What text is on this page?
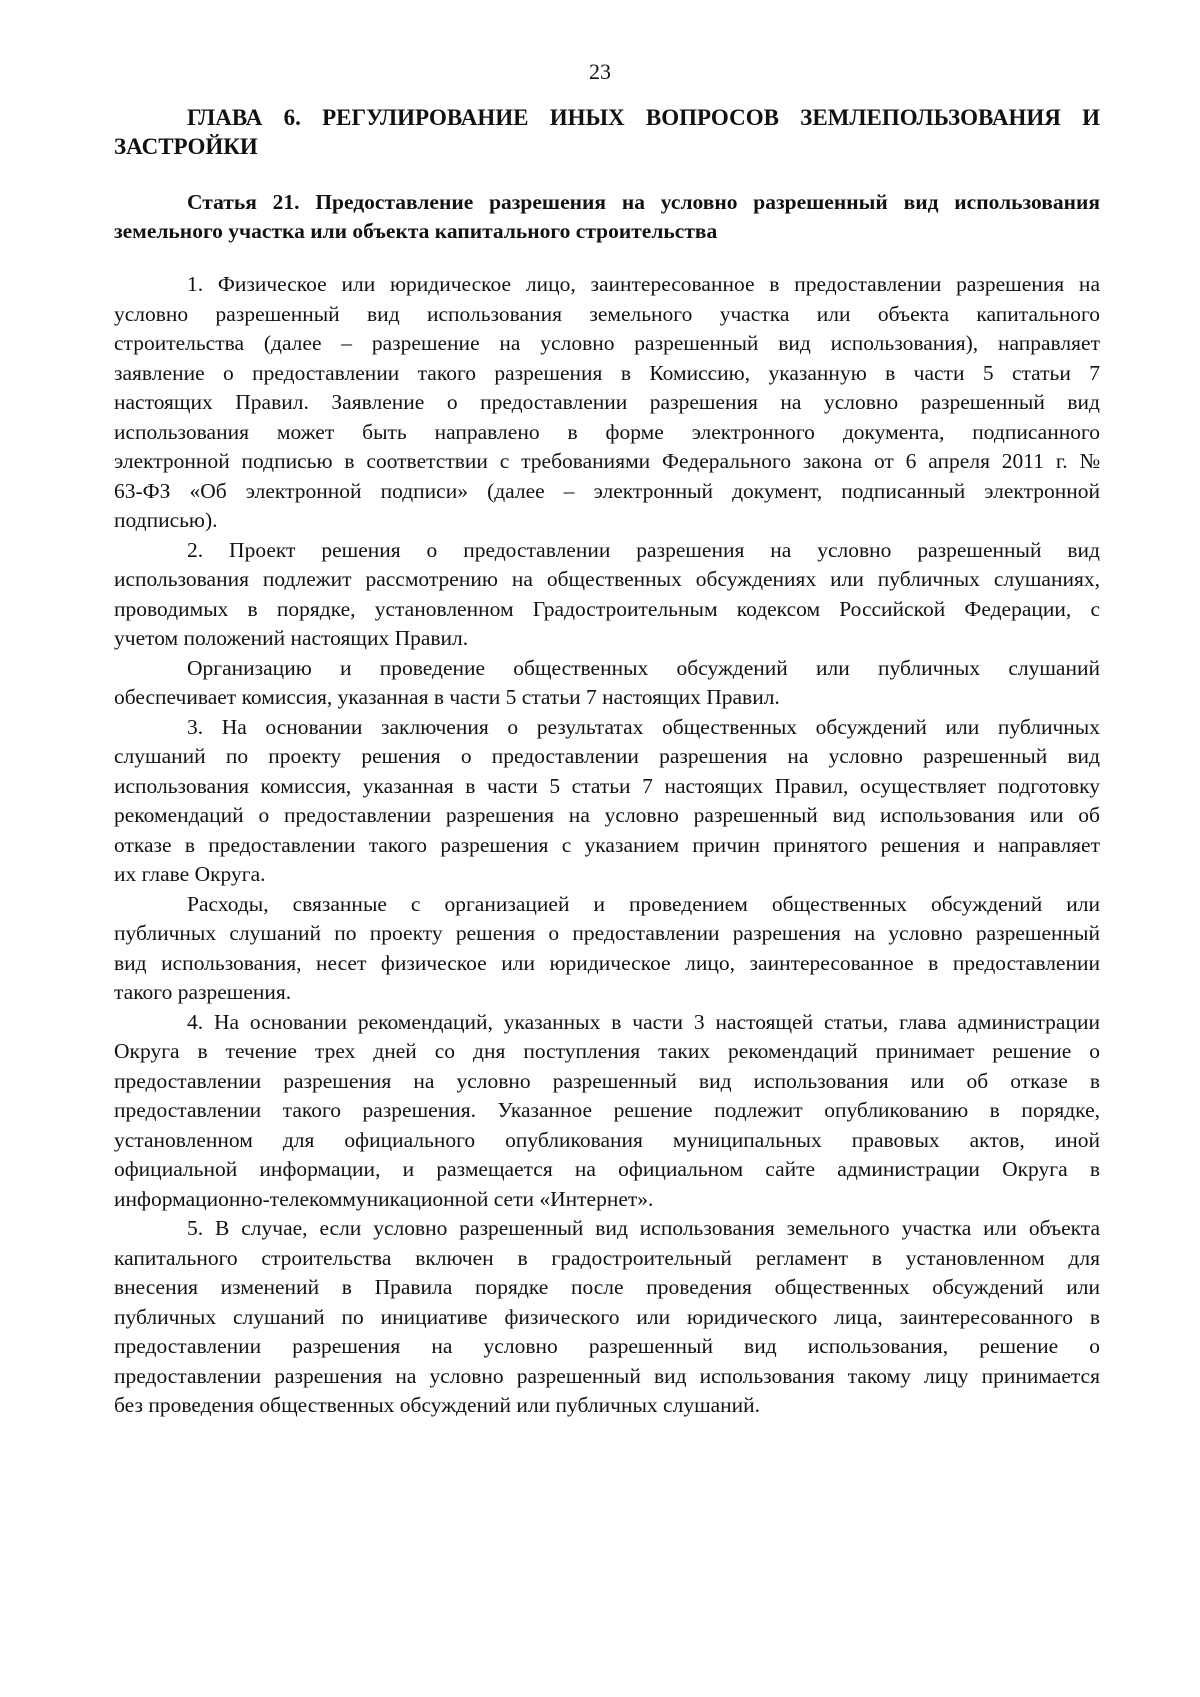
23
ГЛАВА 6. РЕГУЛИРОВАНИЕ ИНЫХ ВОПРОСОВ ЗЕМЛЕПОЛЬЗОВАНИЯ И
ЗАСТРОЙКИ
Статья 21. Предоставление разрешения на условно разрешенный вид использования
земельного участка или объекта капитального строительства
1. Физическое или юридическое лицо, заинтересованное в предоставлении разрешения на
условно разрешенный вид использования земельного участка или объекта капитального
строительства (далее – разрешение на условно разрешенный вид использования), направляет
заявление о предоставлении такого разрешения в Комиссию, указанную в части 5 статьи 7
настоящих Правил. Заявление о предоставлении разрешения на условно разрешенный вид
использования может быть направлено в форме электронного документа, подписанного
электронной подписью в соответствии с требованиями Федерального закона от 6 апреля 2011 г. №
63-ФЗ «Об электронной подписи» (далее – электронный документ, подписанный электронной
подписью).
2. Проект решения о предоставлении разрешения на условно разрешенный вид
использования подлежит рассмотрению на общественных обсуждениях или публичных слушаниях,
проводимых в порядке, установленном Градостроительным кодексом Российской Федерации, с
учетом положений настоящих Правил.
Организацию и проведение общественных обсуждений или публичных слушаний
обеспечивает комиссия, указанная в части 5 статьи 7 настоящих Правил.
3. На основании заключения о результатах общественных обсуждений или публичных
слушаний по проекту решения о предоставлении разрешения на условно разрешенный вид
использования комиссия, указанная в части 5 статьи 7 настоящих Правил, осуществляет подготовку
рекомендаций о предоставлении разрешения на условно разрешенный вид использования или об
отказе в предоставлении такого разрешения с указанием причин принятого решения и направляет
их главе Округа.
Расходы, связанные с организацией и проведением общественных обсуждений или
публичных слушаний по проекту решения о предоставлении разрешения на условно разрешенный
вид использования, несет физическое или юридическое лицо, заинтересованное в предоставлении
такого разрешения.
4. На основании рекомендаций, указанных в части 3 настоящей статьи, глава администрации
Округа в течение трех дней со дня поступления таких рекомендаций принимает решение о
предоставлении разрешения на условно разрешенный вид использования или об отказе в
предоставлении такого разрешения. Указанное решение подлежит опубликованию в порядке,
установленном для официального опубликования муниципальных правовых актов, иной
официальной информации, и размещается на официальном сайте администрации Округа в
информационно-телекоммуникационной сети «Интернет».
5. В случае, если условно разрешенный вид использования земельного участка или объекта
капитального строительства включен в градостроительный регламент в установленном для
внесения изменений в Правила порядке после проведения общественных обсуждений или
публичных слушаний по инициативе физического или юридического лица, заинтересованного в
предоставлении разрешения на условно разрешенный вид использования, решение о
предоставлении разрешения на условно разрешенный вид использования такому лицу принимается
без проведения общественных обсуждений или публичных слушаний.
